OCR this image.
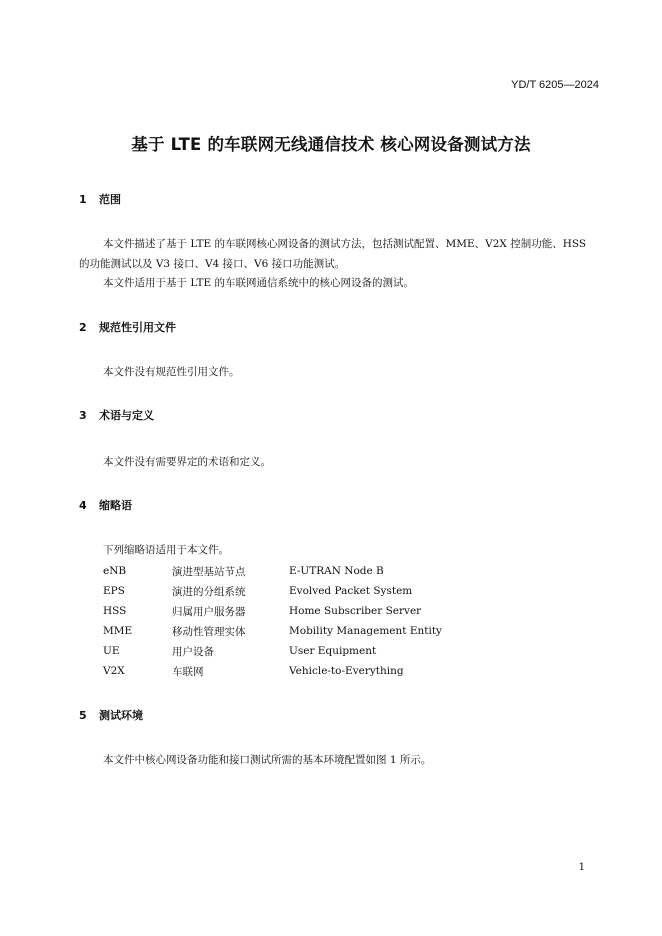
YD/T 6205—2024
基于 LTE 的车联网无线通信技术 核心网设备测试方法
1 范围

本文件描述了基于 LTE 的车联网核心网设备的测试方法，包括测试配置、MME、V2X 控制功能、HSS 的功能测试以及 V3 接口、V4 接口、V6 接口功能测试。

本文件适用于基于 LTE 的车联网通信系统中的核心网设备的测试。

2 规范性引用文件

本文件没有规范性引用文件。

3 术语与定义

本文件没有需要界定的术语和定义。

4 缩略语

下列缩略语适用于本文件。

eNB	演进型基站节点	E-UTRAN Node B
EPS	演进的分组系统	Evolved Packet System
HSS	归属用户服务器	Home Subscriber Server
MME	移动性管理实体	Mobility Management Entity
UE	用户设备	User Equipment
V2X	车联网	Vehicle-to-Everything
5 测试环境

本文件中核心网设备功能和接口测试所需的基本环境配置如图 1 所示。

1
